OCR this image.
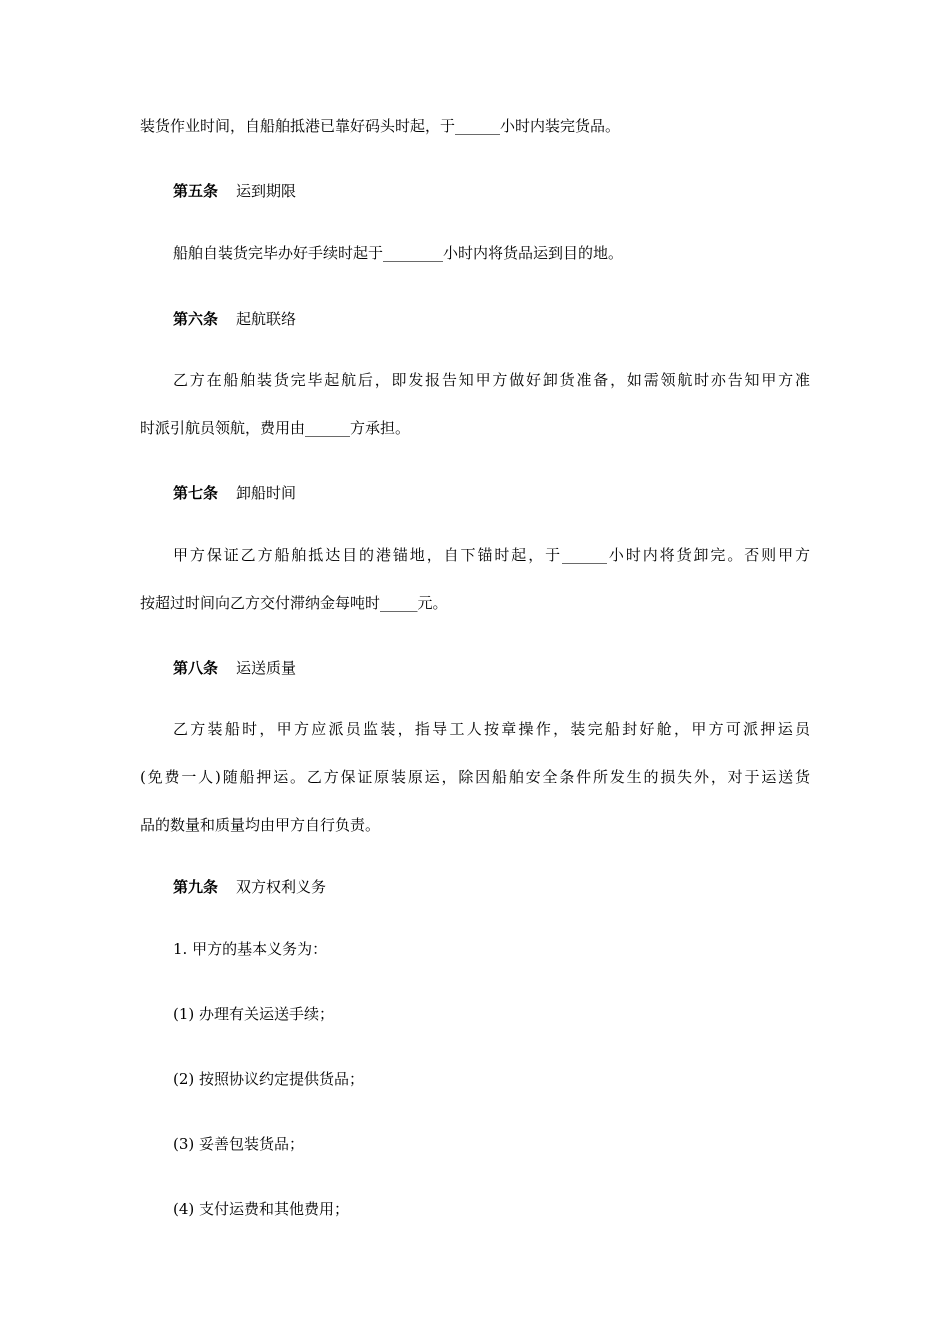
装货作业时间，自船舶抵港已靠好码头时起，于______小时内装完货品。

第五条 运到期限

船舶自装货完毕办好手续时起于________小时内将货品运到目的地。

第六条 起航联络

乙方在船舶装货完毕起航后，即发报告知甲方做好卸货准备，如需领航时亦告知甲方准

时派引航员领航，费用由______方承担。

第七条 卸船时间

甲方保证乙方船舶抵达目的港锚地，自下锚时起，于______小时内将货卸完。否则甲方

按超过时间向乙方交付滞纳金每吨时_____元。

第八条 运送质量

乙方装船时，甲方应派员监装，指导工人按章操作，装完船封好舱，甲方可派押运员

(免费一人)随船押运。乙方保证原装原运，除因船舶安全条件所发生的损失外，对于运送货

品的数量和质量均由甲方自行负责。

第九条 双方权利义务

1. 甲方的基本义务为：

(1) 办理有关运送手续；

(2) 按照协议约定提供货品；

(3) 妥善包装货品；

(4) 支付运费和其他费用；
